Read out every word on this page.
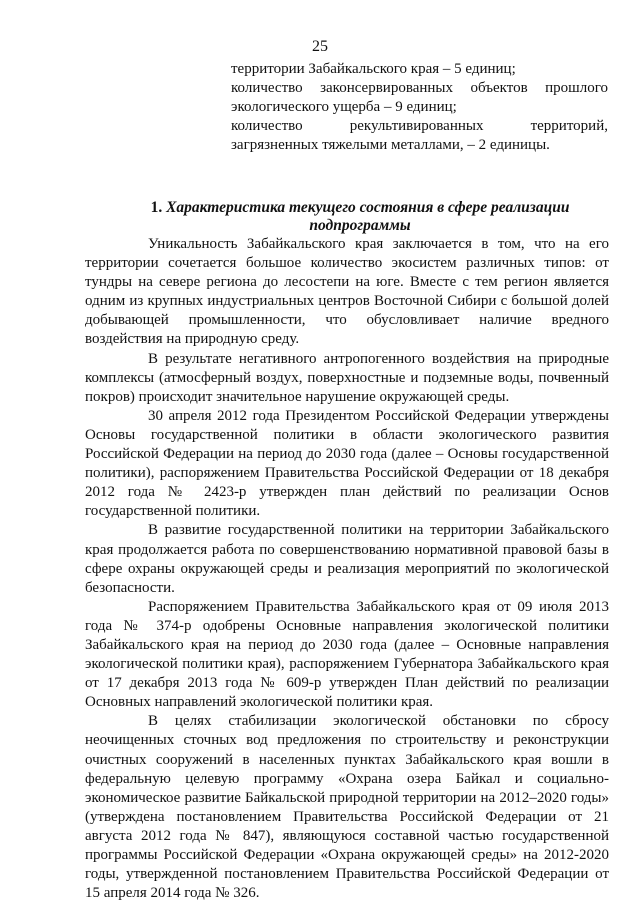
25

территории Забайкальского края – 5 единиц;

количество законсервированных объектов прошлого экологического ущерба – 9 единиц;

количество рекультивированных территорий, загрязненных тяжелыми металлами, – 2 единицы.

1. Характеристика текущего состояния в сфере реализации подпрограммы

Уникальность Забайкальского края заключается в том, что на его территории сочетается большое количество экосистем различных типов: от тундры на севере региона до лесостепи на юге. Вместе с тем регион является одним из крупных индустриальных центров Восточной Сибири с большой долей добывающей промышленности, что обусловливает наличие вредного воздействия на природную среду.

В результате негативного антропогенного воздействия на природные комплексы (атмосферный воздух, поверхностные и подземные воды, почвенный покров) происходит значительное нарушение окружающей среды.

30 апреля 2012 года Президентом Российской Федерации утверждены Основы государственной политики в области экологического развития Российской Федерации на период до 2030 года (далее – Основы государственной политики), распоряжением Правительства Российской Федерации от 18 декабря 2012 года № 2423-р утвержден план действий по реализации Основ государственной политики.

В развитие государственной политики на территории Забайкальского края продолжается работа по совершенствованию нормативной правовой базы в сфере охраны окружающей среды и реализация мероприятий по экологической безопасности.

Распоряжением Правительства Забайкальского края от 09 июля 2013 года № 374-р одобрены Основные направления экологической политики Забайкальского края на период до 2030 года (далее – Основные направления экологической политики края), распоряжением Губернатора Забайкальского края от 17 декабря 2013 года № 609-р утвержден План действий по реализации Основных направлений экологической политики края.

В целях стабилизации экологической обстановки по сбросу неочищенных сточных вод предложения по строительству и реконструкции очистных сооружений в населенных пунктах Забайкальского края вошли в федеральную целевую программу «Охрана озера Байкал и социально-экономическое развитие Байкальской природной территории на 2012–2020 годы» (утверждена постановлением Правительства Российской Федерации от 21 августа 2012 года № 847), являющуюся составной частью государственной программы Российской Федерации «Охрана окружающей среды» на 2012-2020 годы, утвержденной постановлением Правительства Российской Федерации от 15 апреля 2014 года № 326.
